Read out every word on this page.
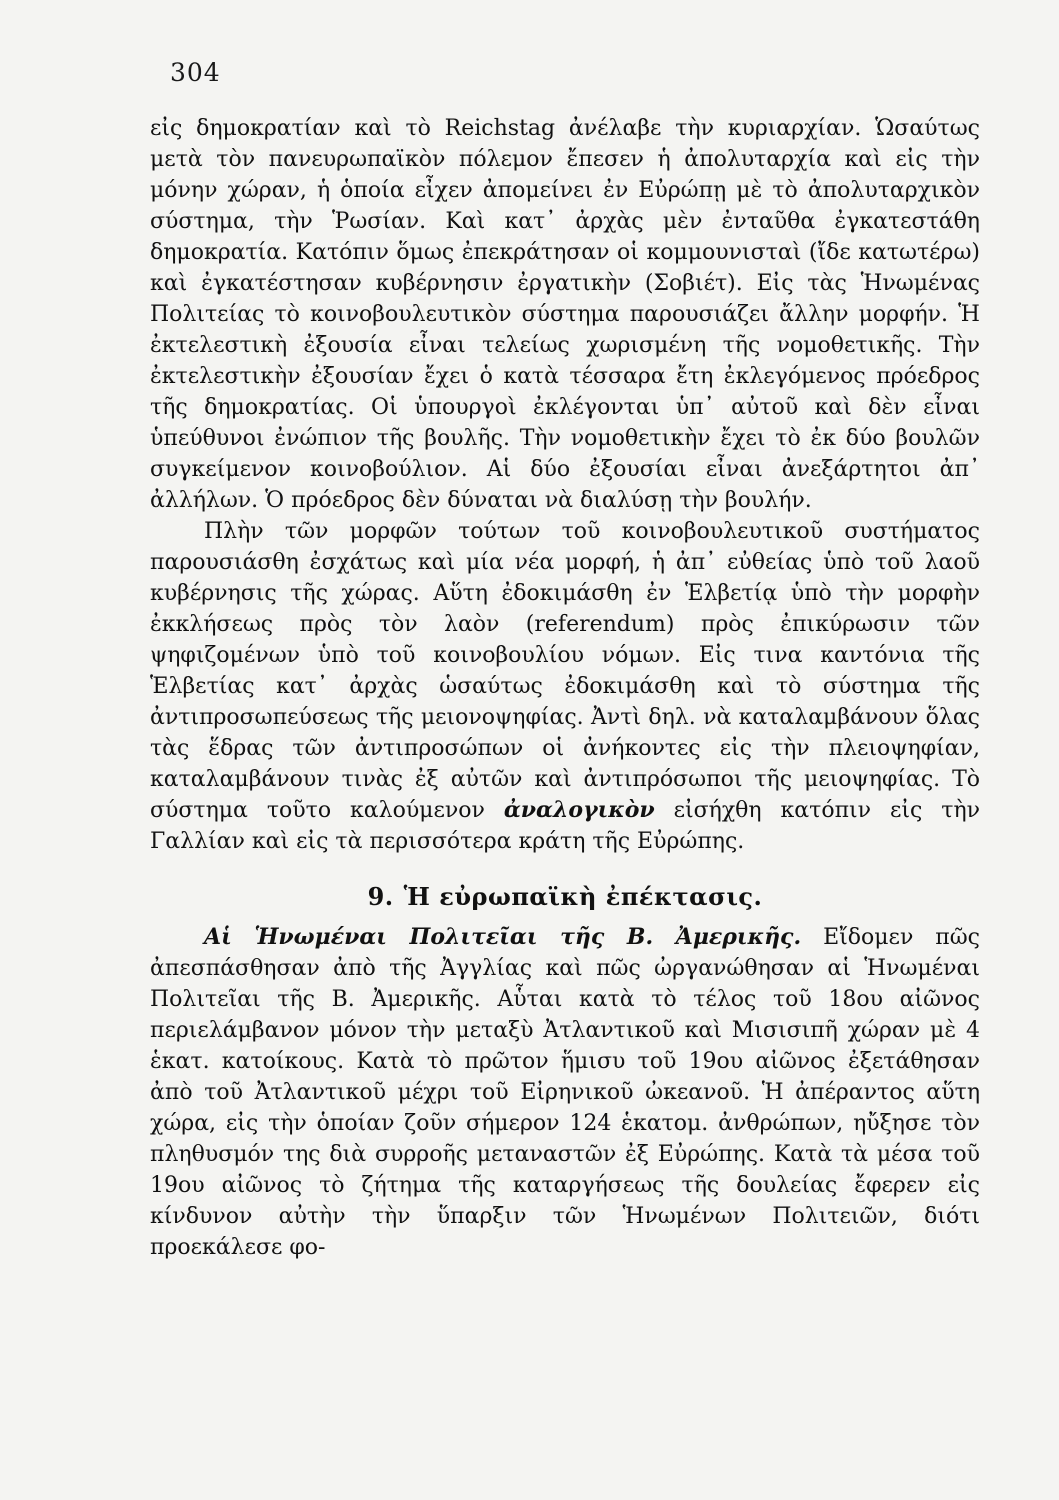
304

εἰς δημοκρατίαν καὶ τὸ Reichstag ἀνέλαβε τὴν κυριαρχίαν. Ὡσαύτως μετὰ τὸν πανευρωπαϊκὸν πόλεμον ἔπεσεν ἡ ἀπολυταρχία καὶ εἰς τὴν μόνην χώραν, ἡ ὁποία εἶχεν ἀπομείνει ἐν Εὐρώπῃ μὲ τὸ ἀπολυταρχικὸν σύστημα, τὴν Ῥωσίαν. Καὶ κατ᾿ ἀρχὰς μὲν ἐνταῦθα ἐγκατεστάθη δημοκρατία. Κατόπιν ὅμως ἐπεκράτησαν οἱ κομμουνισταὶ (ἴδε κατωτέρω) καὶ ἐγκατέστησαν κυβέρνησιν ἐργατικὴν (Σοβιέτ). Εἰς τὰς Ἡνωμένας Πολιτείας τὸ κοινοβουλευτικὸν σύστημα παρουσιάζει ἄλλην μορφήν. Ἡ ἐκτελεστικὴ ἐξουσία εἶναι τελείως χωρισμένη τῆς νομοθετικῆς. Τὴν ἐκτελεστικὴν ἐξουσίαν ἔχει ὁ κατὰ τέσσαρα ἔτη ἐκλεγόμενος πρόεδρος τῆς δημοκρατίας. Οἱ ὑπουργοὶ ἐκλέγονται ὑπ᾿ αὐτοῦ καὶ δὲν εἶναι ὑπεύθυνοι ἐνώπιον τῆς βουλῆς. Τὴν νομοθετικὴν ἔχει τὸ ἐκ δύο βουλῶν συγκείμενον κοινοβούλιον. Αἱ δύο ἐξουσίαι εἶναι ἀνεξάρτητοι ἀπ᾿ ἀλλήλων. Ὁ πρόεδρος δὲν δύναται νὰ διαλύσῃ τὴν βουλήν.

Πλὴν τῶν μορφῶν τούτων τοῦ κοινοβουλευτικοῦ συστήματος παρουσιάσθη ἐσχάτως καὶ μία νέα μορφή, ἡ ἀπ᾿ εὐθείας ὑπὸ τοῦ λαοῦ κυβέρνησις τῆς χώρας. Αὕτη ἐδοκιμάσθη ἐν Ἑλβετίᾳ ὑπὸ τὴν μορφὴν ἐκκλήσεως πρὸς τὸν λαὸν (referendum) πρὸς ἐπικύρωσιν τῶν ψηφιζομένων ὑπὸ τοῦ κοινοβουλίου νόμων. Εἰς τινα καντόνια τῆς Ἑλβετίας κατ᾿ ἀρχὰς ὡσαύτως ἐδοκιμάσθη καὶ τὸ σύστημα τῆς ἀντιπροσωπεύσεως τῆς μειονοψηφίας. Ἀντὶ δηλ. νὰ καταλαμβάνουν ὅλας τὰς ἕδρας τῶν ἀντιπροσώπων οἱ ἀνήκοντες εἰς τὴν πλειοψηφίαν, καταλαμβάνουν τινὰς ἐξ αὐτῶν καὶ ἀντιπρόσωποι τῆς μειοψηφίας. Τὸ σύστημα τοῦτο καλούμενον ἀναλογικὸν εἰσήχθη κατόπιν εἰς τὴν Γαλλίαν καὶ εἰς τὰ περισσότερα κράτη τῆς Εὐρώπης.

9. Ἡ εὐρωπαϊκὴ ἐπέκτασις.

Αἱ Ἡνωμέναι Πολιτεῖαι τῆς Β. Ἀμερικῆς. Εἴδομεν πῶς ἀπεσπάσθησαν ἀπὸ τῆς Ἀγγλίας καὶ πῶς ὠργανώθησαν αἱ Ἡνωμέναι Πολιτεῖαι τῆς Β. Ἀμερικῆς. Αὗται κατὰ τὸ τέλος τοῦ 18ου αἰῶνος περιελάμβανον μόνον τὴν μεταξὺ Ἀτλαντικοῦ καὶ Μισισιπῆ χώραν μὲ 4 ἑκατ. κατοίκους. Κατὰ τὸ πρῶτον ἥμισυ τοῦ 19ου αἰῶνος ἐξετάθησαν ἀπὸ τοῦ Ἀτλαντικοῦ μέχρι τοῦ Εἰρηνικοῦ ὠκεανοῦ. Ἡ ἀπέραντος αὕτη χώρα, εἰς τὴν ὁποίαν ζοῦν σήμερον 124 ἑκατομ. ἀνθρώπων, ηὔξησε τὸν πληθυσμόν της διὰ συρροῆς μεταναστῶν ἐξ Εὐρώπης. Κατὰ τὰ μέσα τοῦ 19ου αἰῶνος τὸ ζήτημα τῆς καταργήσεως τῆς δουλείας ἔφερεν εἰς κίνδυνον αὐτὴν τὴν ὕπαρξιν τῶν Ἡνωμένων Πολιτειῶν, διότι προεκάλεσε φο-
